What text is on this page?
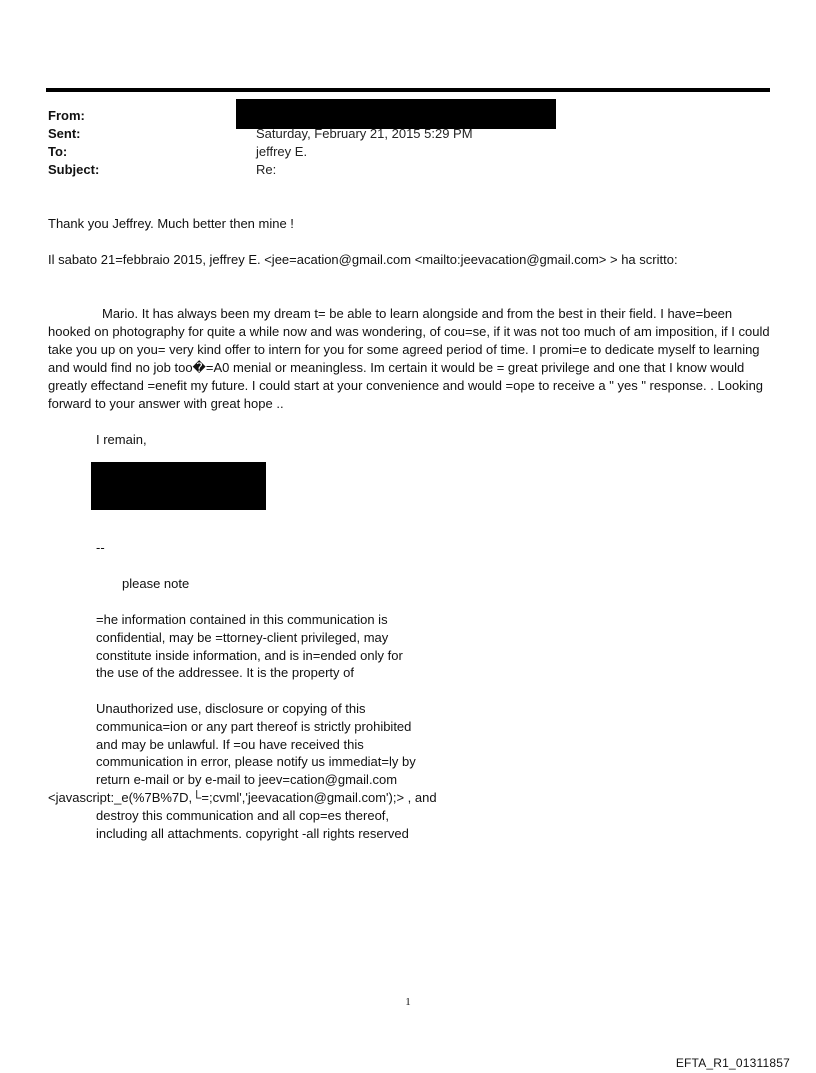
From:
Sent:
To:
Subject:
Saturday, February 21, 2015 5:29 PM
jeffrey E.
Re:
Thank you Jeffrey. Much better then mine !
Il sabato 21=febbraio 2015, jeffrey E. <jee=acation@gmail.com <mailto:jeevacation@gmail.com> > ha scritto:
Mario. It has always been my dream t= be able to learn alongside and from the best in their field. I have=been hooked on photography for quite a while now and was wondering, of cou=se, if it was not too much of am imposition, if I could take you up on you= very kind offer to intern for you for some agreed period of time. I promi=e to dedicate myself to learning and would find no job too�=A0 menial or meaningless. Im certain it would be = great privilege and one that I know would greatly effectand =enefit my future. I could start at your convenience and would =ope to receive a " yes " response. . Looking forward to your answer with great hope ..
I remain,
--
please note
=he information contained in this communication is
confidential, may be =ttorney-client privileged, may
constitute inside information, and is in=ended only for
the use of the addressee. It is the property of
Unauthorized use, disclosure or copying of this
communica=ion or any part thereof is strictly prohibited
and may be unlawful. If =ou have received this
communication in error, please notify us immediat=ly by
return e-mail or by e-mail to jeev=cation@gmail.com
<javascript:_e(%7B%7D,└=;cvml','jeevacation@gmail.com');> , and
destroy this communication and all cop=es thereof,
including all attachments. copyright -all rights reserved
1
EFTA_R1_01311857
